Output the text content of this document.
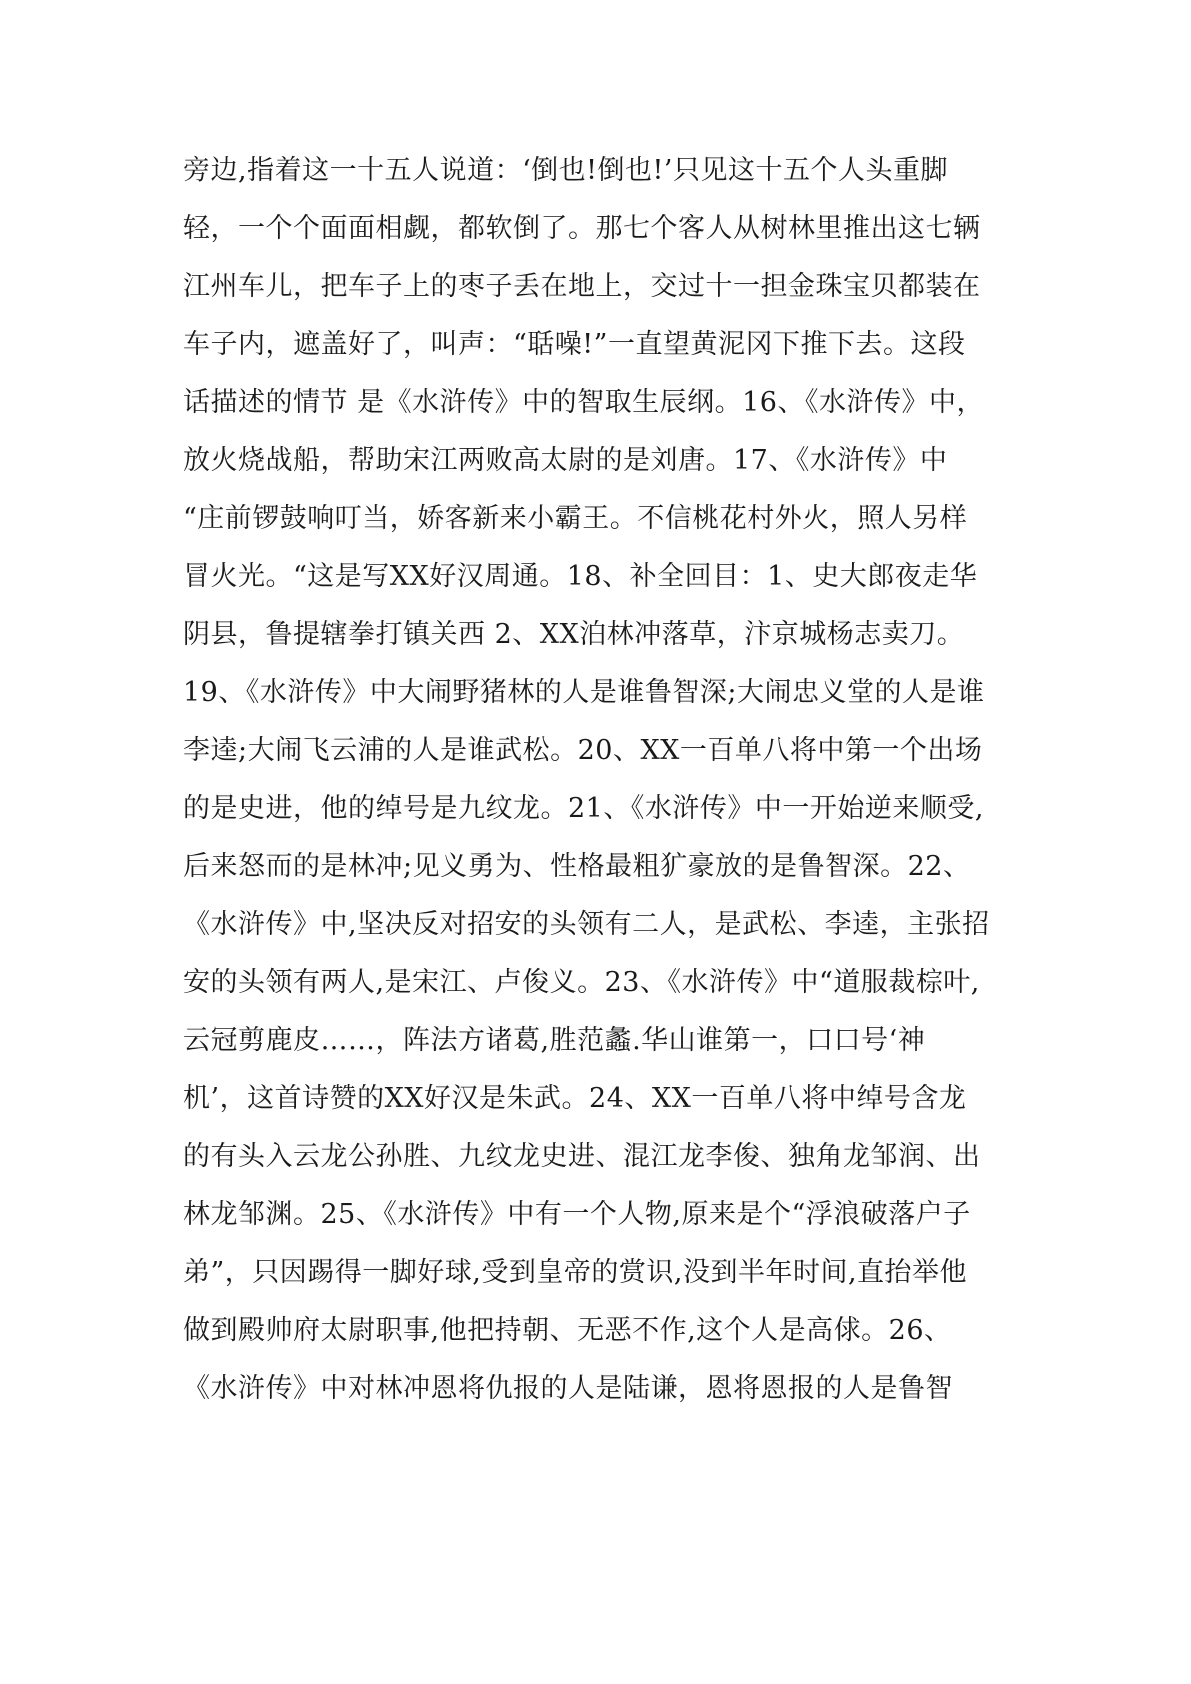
旁边,指着这一十五人说道：‘倒也!倒也!’只见这十五个人头重脚
轻，一个个面面相觑，都软倒了。那七个客人从树林里推出这七辆
江州车儿，把车子上的枣子丢在地上，交过十一担金珠宝贝都装在
车子内，遮盖好了，叫声：“聒噪!”一直望黄泥冈下推下去。这段
话描述的情节 是《水浒传》中的智取生辰纲。16、《水浒传》中，
放火烧战船，帮助宋江两败高太尉的是刘唐。17、《水浒传》中
“庄前锣鼓响叮当，娇客新来小霸王。不信桃花村外火，照人另样
冒火光。“这是写XX好汉周通。18、补全回目：1、史大郎夜走华
阴县，鲁提辖拳打镇关西 2、XX泊林冲落草，汴京城杨志卖刀。
19、《水浒传》中大闹野猪林的人是谁鲁智深;大闹忠义堂的人是谁
李逵;大闹飞云浦的人是谁武松。20、XX一百单八将中第一个出场
的是史进，他的绰号是九纹龙。21、《水浒传》中一开始逆来顺受,
后来怒而的是林冲;见义勇为、性格最粗犷豪放的是鲁智深。22、
《水浒传》中,坚决反对招安的头领有二人，是武松、李逵，主张招
安的头领有两人,是宋江、卢俊义。23、《水浒传》中“道服裁棕叶,
云冠剪鹿皮……，阵法方诸葛,胜范蠡.华山谁第一，口口号‘神
机’，这首诗赞的XX好汉是朱武。24、XX一百单八将中绰号含龙
的有头入云龙公孙胜、九纹龙史进、混江龙李俊、独角龙邹润、出
林龙邹渊。25、《水浒传》中有一个人物,原来是个“浮浪破落户子
弟”，只因踢得一脚好球,受到皇帝的赏识,没到半年时间,直抬举他
做到殿帅府太尉职事,他把持朝、无恶不作,这个人是高俅。26、
《水浒传》中对林冲恩将仇报的人是陆谦，恩将恩报的人是鲁智
